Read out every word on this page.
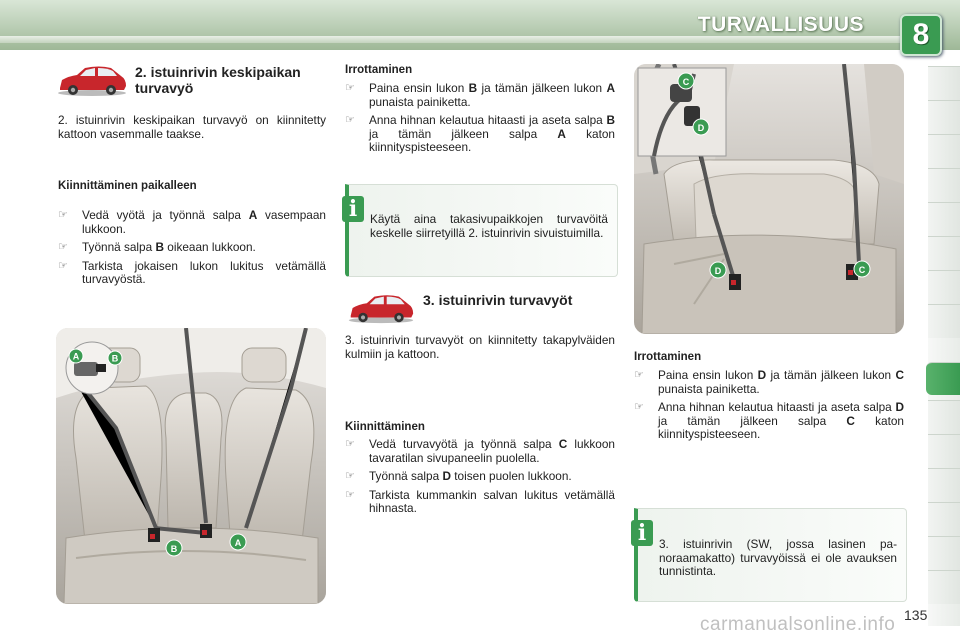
TURVALLISUUS 8
2. istuinrivin keskipaikan turvavyö
2. istuinrivin keskipaikan turvavyö on kiinnitetty kattoon vasemmalle taakse.
Kiinnittäminen paikalleen
☞ Vedä vyötä ja työnnä salpa A vasempaan lukkoon.
☞ Työnnä salpa B oikeaan lukkoon.
☞ Tarkista jokaisen lukon lukitus vetämällä turvavyöstä.
A	B
B
A
Irrottaminen
☞ Paina ensin lukon B ja tämän jälkeen lukon A punaista painiketta.
☞ Anna hihnan kelautua hitaasti ja aseta salpa B ja tämän jälkeen salpa A katon kiinnityspisteeseen.
i	Käytä aina takasivupaikkojen turvavöitä keskelle siirretyillä 2. istuinrivin sivuistuimilla.
3. istuinrivin turvavyöt
3. istuinrivin turvavyöt on kiinnitetty takapylväiden kulmiin ja kattoon.
Kiinnittäminen
☞ Vedä turvavyötä ja työnnä salpa C lukkoon tavaratilan sivupaneelin puolella.
☞ Työnnä salpa D toisen puolen lukkoon.
☞ Tarkista kummankin salvan lukitus vetämällä hihnasta.
C
D
D	C
Irrottaminen
☞ Paina ensin lukon D ja tämän jälkeen lukon C punaista painiketta.
☞ Anna hihnan kelautua hitaasti ja aseta salpa D ja tämän jälkeen salpa C katon kiinnityspisteeseen.
i	3. istuinrivin (SW, jossa lasinen panoraamakatto) turvavyöissä ei ole avauksen tunnistinta.
carmanualsonline.info 135
